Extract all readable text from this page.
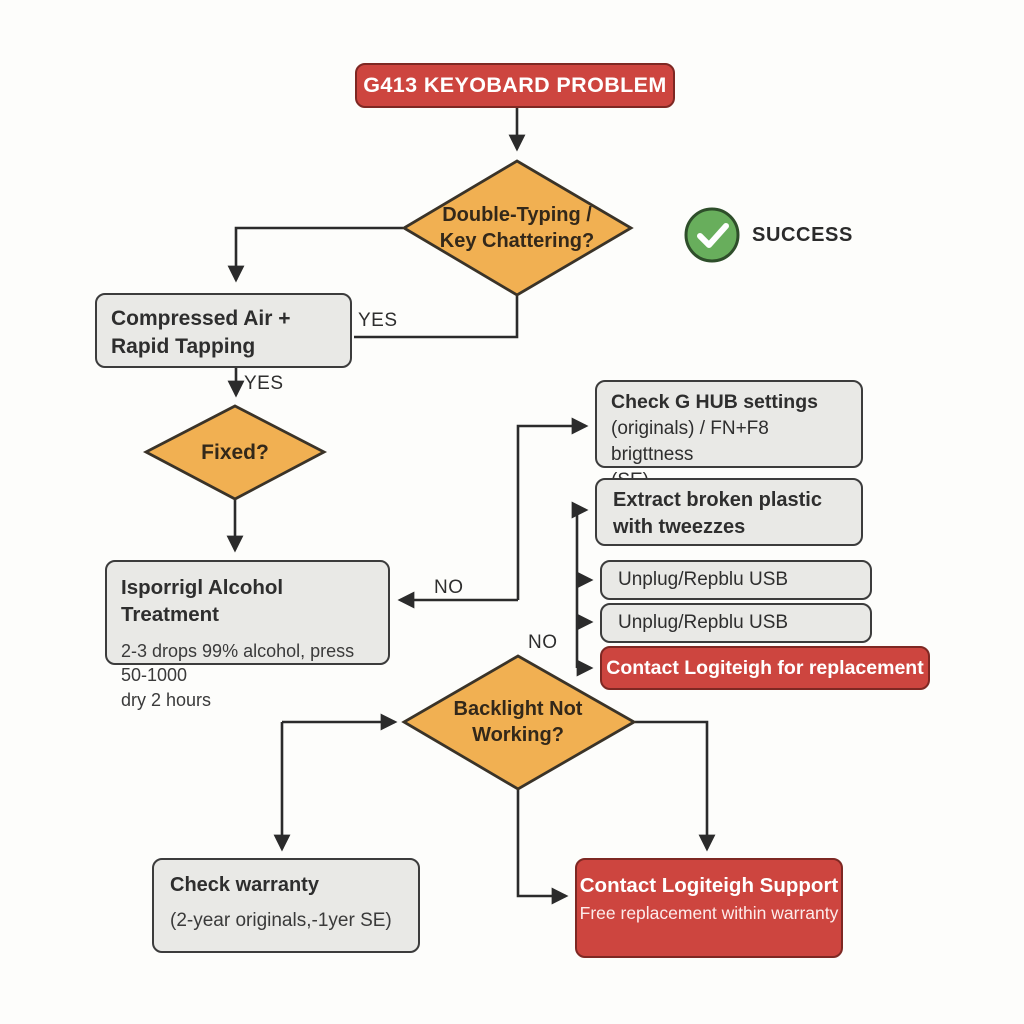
G413 KEYOBARD PROBLEM
Double-Typing /
Key Chattering?
Fixed?
Backlight Not
Working?
SUCCESS
Compressed Air +
Rapid Tapping
Isporrigl Alcohol Treatment
2-3 drops 99% alcohol, press 50-1000
dry 2 hours
Check G HUB settings
(originals) / FN+F8 brigttness
Extract broken plastic
with tweezzes
Unplug/Repblu USB
Unplug/Repblu USB
Contact Logiteigh for replacement
Check warranty
(2-year originals,-1yer SE)
Contact Logiteigh Support
Free replacement within warranty
YES
YES
NO
NO
